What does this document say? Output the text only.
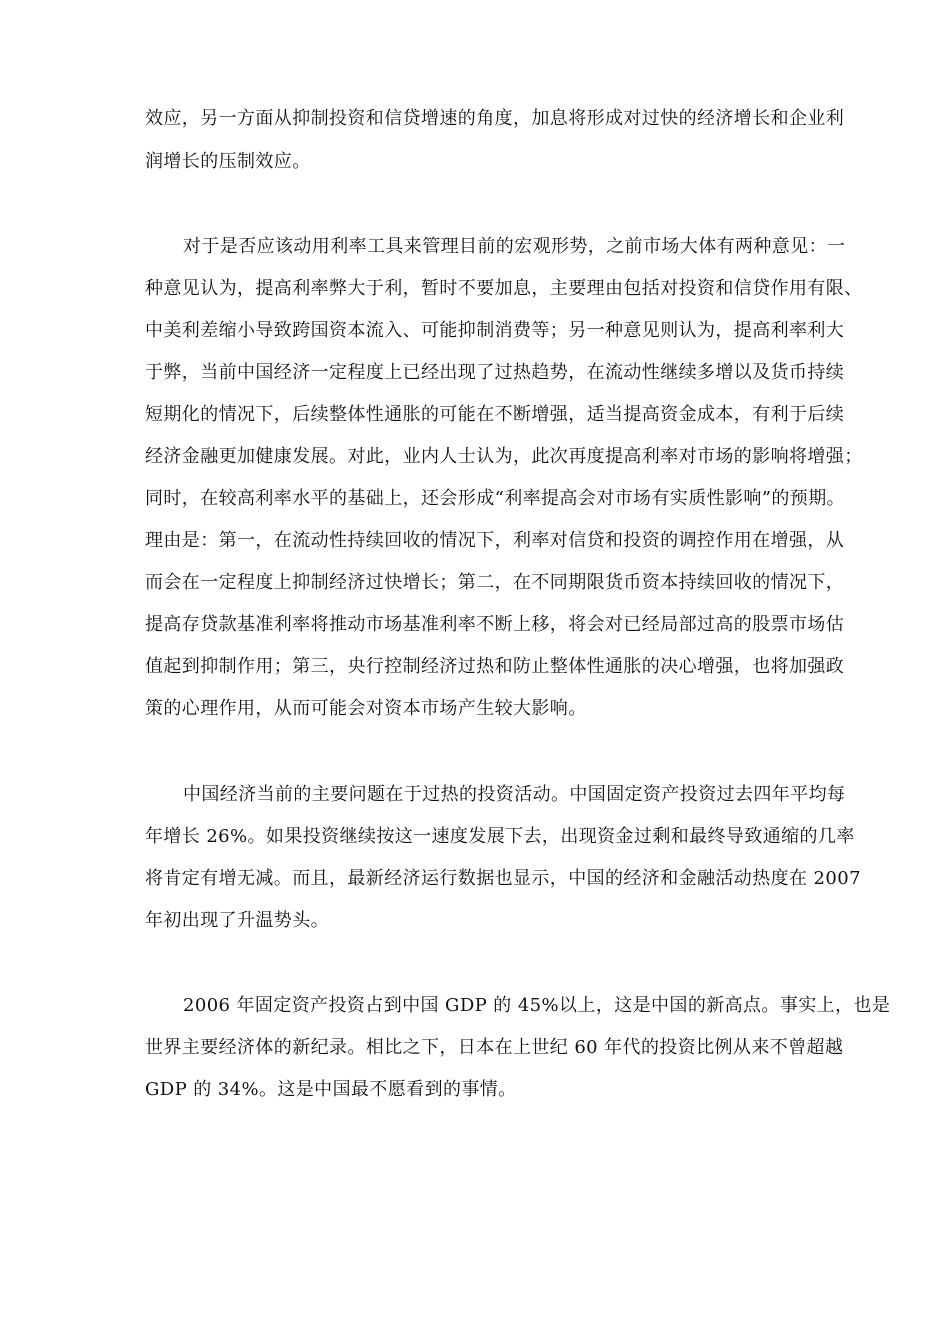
效应，另一方面从抑制投资和信贷增速的角度，加息将形成对过快的经济增长和企业利
润增长的压制效应。
对于是否应该动用利率工具来管理目前的宏观形势，之前市场大体有两种意见：一
种意见认为，提高利率弊大于利，暂时不要加息，主要理由包括对投资和信贷作用有限、
中美利差缩小导致跨国资本流入、可能抑制消费等；另一种意见则认为，提高利率利大
于弊，当前中国经济一定程度上已经出现了过热趋势，在流动性继续多增以及货币持续
短期化的情况下，后续整体性通胀的可能在不断增强，适当提高资金成本，有利于后续
经济金融更加健康发展。对此，业内人士认为，此次再度提高利率对市场的影响将增强；
同时，在较高利率水平的基础上，还会形成“利率提高会对市场有实质性影响”的预期。
理由是：第一，在流动性持续回收的情况下，利率对信贷和投资的调控作用在增强，从
而会在一定程度上抑制经济过快增长；第二，在不同期限货币资本持续回收的情况下，
提高存贷款基准利率将推动市场基准利率不断上移，将会对已经局部过高的股票市场估
值起到抑制作用；第三，央行控制经济过热和防止整体性通胀的决心增强，也将加强政
策的心理作用，从而可能会对资本市场产生较大影响。
中国经济当前的主要问题在于过热的投资活动。中国固定资产投资过去四年平均每
年增长 26%。如果投资继续按这一速度发展下去，出现资金过剩和最终导致通缩的几率
将肯定有增无减。而且，最新经济运行数据也显示，中国的经济和金融活动热度在 2007
年初出现了升温势头。
2006 年固定资产投资占到中国 GDP 的 45%以上，这是中国的新高点。事实上，也是
世界主要经济体的新纪录。相比之下，日本在上世纪 60 年代的投资比例从来不曾超越
GDP 的 34%。这是中国最不愿看到的事情。
